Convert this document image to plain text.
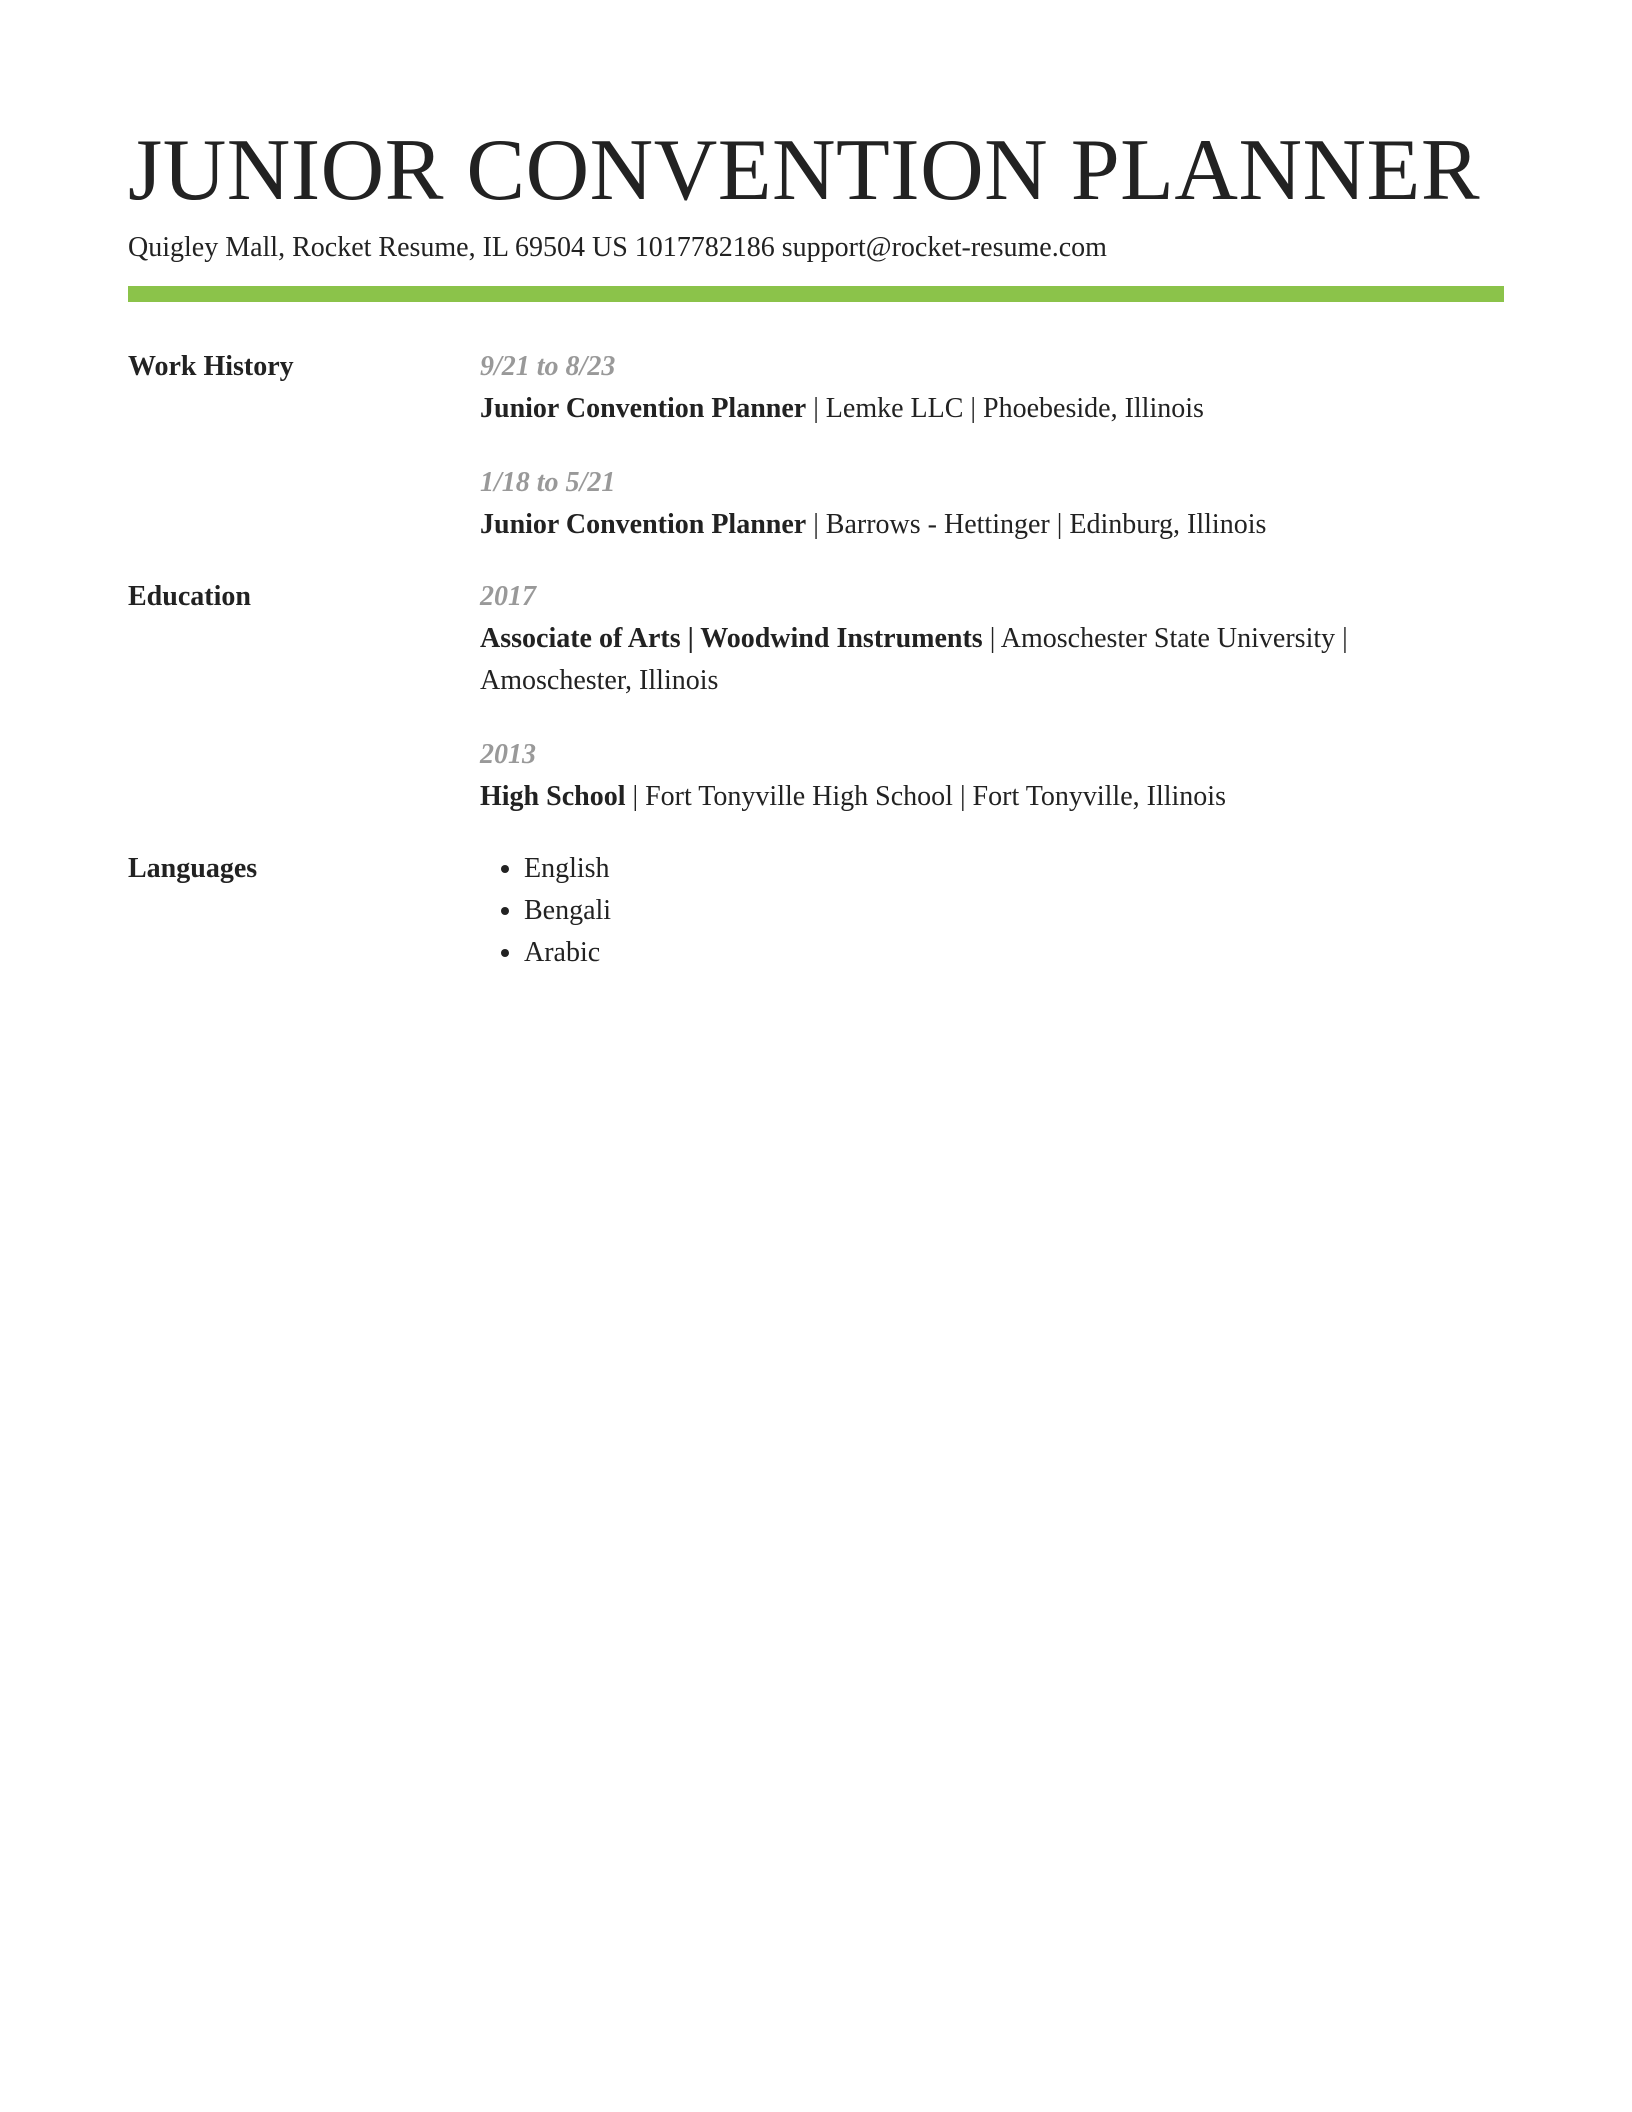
JUNIOR CONVENTION PLANNER
Quigley Mall, Rocket Resume, IL 69504 US 1017782186 support@rocket-resume.com
Work History	9/21 to 8/23
Junior Convention Planner | Lemke LLC | Phoebeside, Illinois
1/18 to 5/21
Junior Convention Planner | Barrows - Hettinger | Edinburg, Illinois
Education	2017
Associate of Arts | Woodwind Instruments | Amoschester State University | Amoschester, Illinois
2013
High School | Fort Tonyville High School | Fort Tonyville, Illinois
Languages
•	English
• Bengali
• Arabic
